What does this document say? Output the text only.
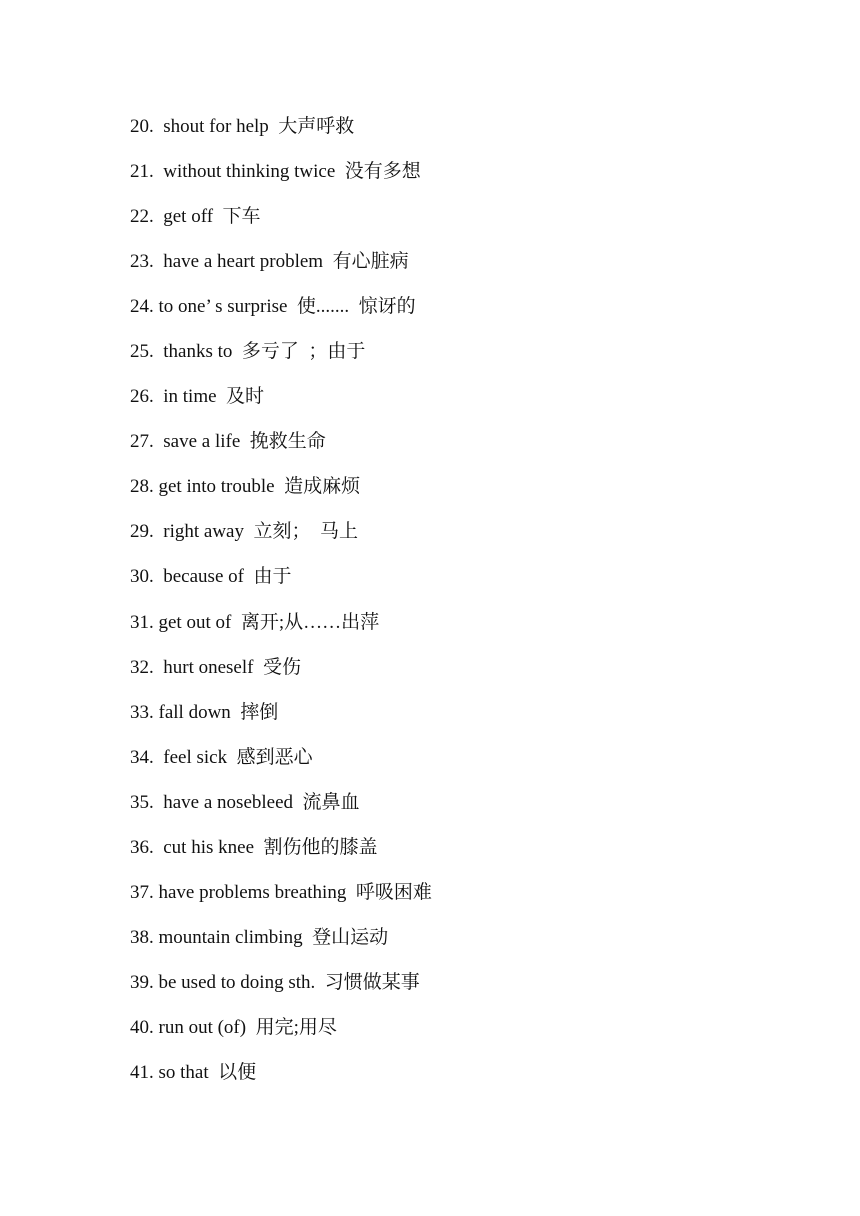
20.  shout for help  大声呼救
21.  without thinking twice  没有多想
22.  get off  下车
23.  have a heart problem  有心脏病
24. to one’ s surprise  使.......  惊讶的
25.  thanks to  多亏了  ；由于
26.  in time  及时
27.  save a life  挽救生命
28. get into trouble  造成麻烦
29.  right away  立刻；  马上
30.  because of  由于
31. get out of  离开;从……出萍
32.  hurt oneself  受伤
33. fall down  摔倒
34.  feel sick  感到恶心
35.  have a nosebleed  流鼻血
36.  cut his knee  割伤他的膝盖
37. have problems breathing  呼吸困难
38. mountain climbing  登山运动
39. be used to doing sth.  习惯做某事
40. run out (of)  用完;用尽
41. so that  以便
